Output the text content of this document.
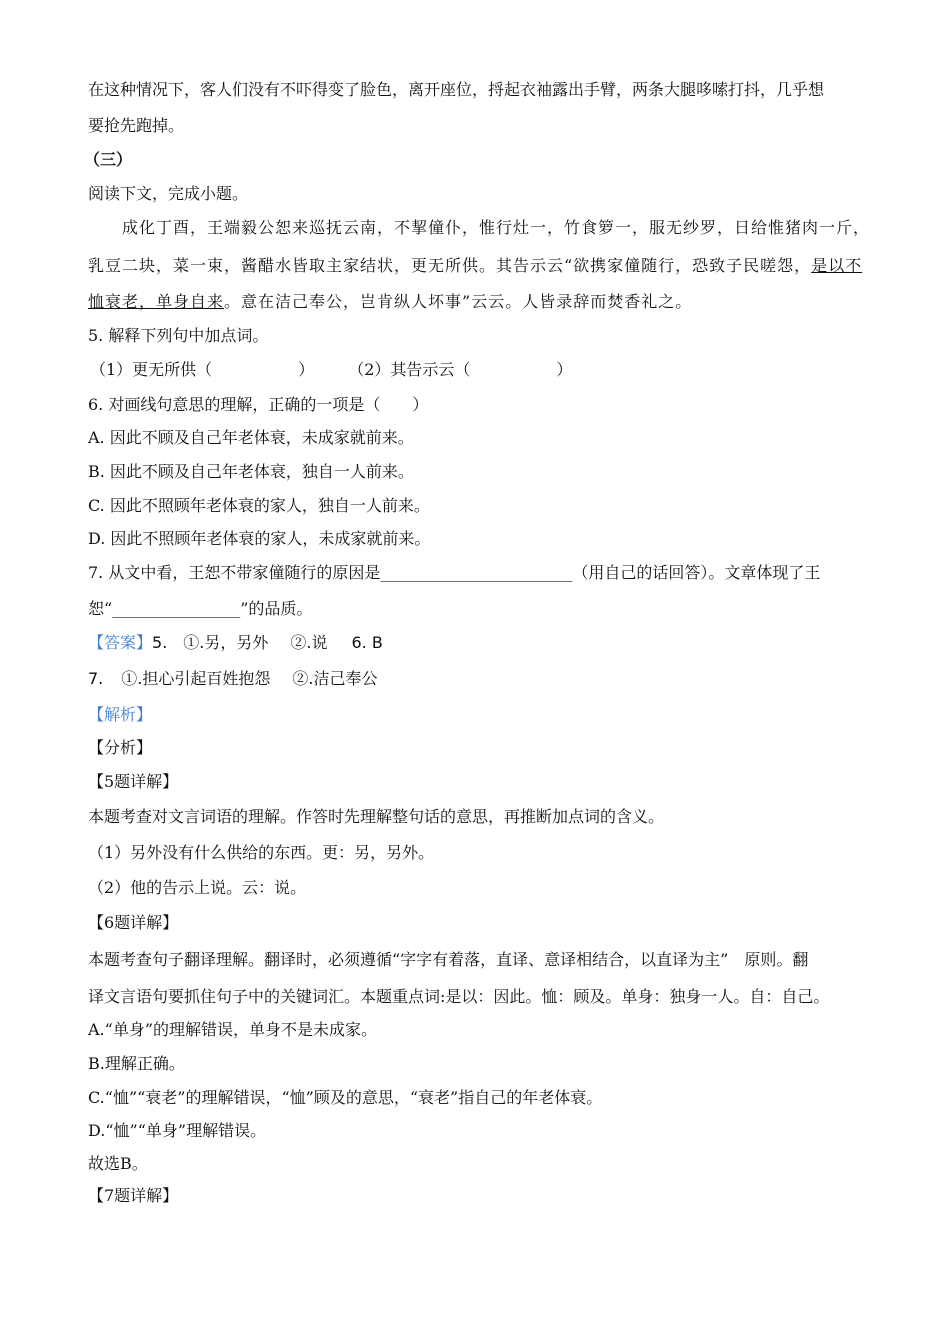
在这种情况下，客人们没有不吓得变了脸色，离开座位，捋起衣袖露出手臂，两条大腿哆嗦打抖，几乎想
要抢先跑掉。
（三）
阅读下文，完成小题。
成化丁酉，王端毅公恕来巡抚云南，不挈僮仆，惟行灶一，竹食箩一，服无纱罗，日给惟猪肉一斤，
乳豆二块，菜一束，酱醋水皆取主家结状，更无所供。其告示云“欲携家僮随行，恐致子民嗟怨，是以不
恤衰老，单身自来。意在洁己奉公，岂肯纵人坏事”云云。人皆录辞而焚香礼之。
5. 解释下列句中加点词。
（1）更无所供（	） （2）其告示云（	）
6. 对画线句意思的理解，正确的一项是（　　）
A. 因此不顾及自己年老体衰，未成家就前来。
B. 因此不顾及自己年老体衰，独自一人前来。
C. 因此不照顾年老体衰的家人，独自一人前来。
D. 因此不照顾年老体衰的家人，未成家就前来。
7. 从文中看，王恕不带家僮随行的原因是________________________（用自己的话回答）。文章体现了王
恕“________________”的品质。
【答案】5. ①.另，另外 ②.说 6. B
7. ①.担心引起百姓抱怨 ②.洁己奉公
【解析】
【分析】
【5题详解】
本题考查对文言词语的理解。作答时先理解整句话的意思，再推断加点词的含义。
（1）另外没有什么供给的东西。更：另，另外。
（2）他的告示上说。云：说。
【6题详解】
本题考查句子翻译理解。翻译时，必须遵循“字字有着落，直译、意译相结合，以直译为主”　原则。翻
译文言语句要抓住句子中的关键词汇。本题重点词:是以：因此。恤：顾及。单身：独身一人。自：自己。
A.“单身”的理解错误，单身不是未成家。
B.理解正确。
C.“恤”“衰老”的理解错误，“恤”顾及的意思，“衰老”指自己的年老体衰。
D.“恤”“单身”理解错误。
故选B。
【7题详解】
